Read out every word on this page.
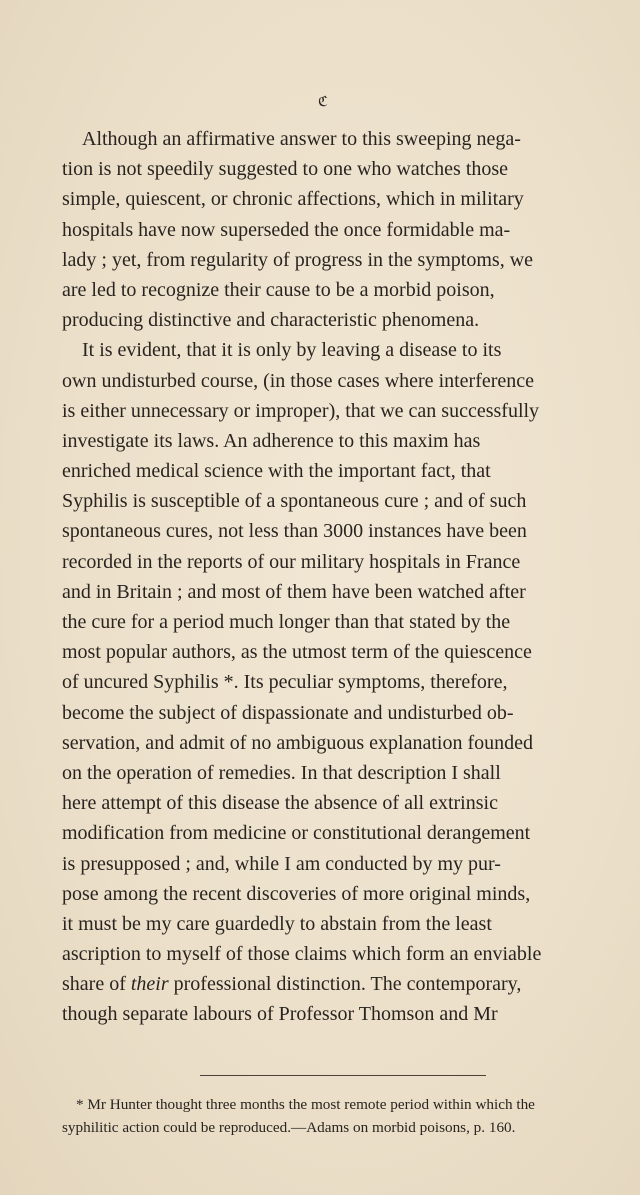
ℭ
Although an affirmative answer to this sweeping nega-
tion is not speedily suggested to one who watches those
simple, quiescent, or chronic affections, which in military
hospitals have now superseded the once formidable ma-
lady ; yet, from regularity of progress in the symptoms, we
are led to recognize their cause to be a morbid poison,
producing distinctive and characteristic phenomena.
It is evident, that it is only by leaving a disease to its
own undisturbed course, (in those cases where interference
is either unnecessary or improper), that we can successfully
investigate its laws. An adherence to this maxim has
enriched medical science with the important fact, that
Syphilis is susceptible of a spontaneous cure ; and of such
spontaneous cures, not less than 3000 instances have been
recorded in the reports of our military hospitals in France
and in Britain ; and most of them have been watched after
the cure for a period much longer than that stated by the
most popular authors, as the utmost term of the quiescence
of uncured Syphilis *. Its peculiar symptoms, therefore,
become the subject of dispassionate and undisturbed ob-
servation, and admit of no ambiguous explanation founded
on the operation of remedies. In that description I shall
here attempt of this disease the absence of all extrinsic
modification from medicine or constitutional derangement
is presupposed ; and, while I am conducted by my pur-
pose among the recent discoveries of more original minds,
it must be my care guardedly to abstain from the least
ascription to myself of those claims which form an enviable
share of their professional distinction. The contemporary,
though separate labours of Professor Thomson and Mr
* Mr Hunter thought three months the most remote period within which the
syphilitic action could be reproduced.—Adams on morbid poisons, p. 160.
